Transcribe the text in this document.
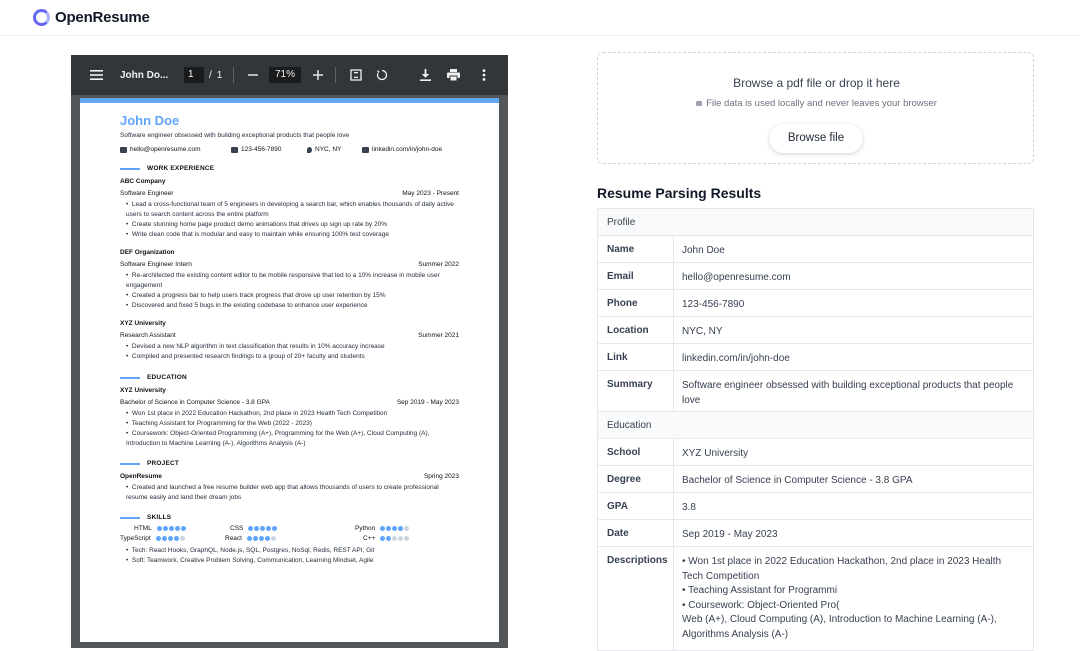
OpenResume
John Do...	1	/ 1	71%
John Doe
Software engineer obsessed with building exceptional products that people love
hello@openresume.com	123-456-7890	NYC, NY	linkedin.com/in/john-doe
WORK EXPERIENCE
ABC Company
Software Engineer	May 2023 - Present
•  Lead a cross-functional team of 5 engineers in developing a search bar, which enables thousands of daily active users to search content across the entire platform
•  Create stunning home page product demo animations that drives up sign up rate by 20%
•  Write clean code that is modular and easy to maintain while ensuring 100% test coverage
DEF Organization
Software Engineer Intern	Summer 2022
•  Re-architected the existing content editor to be mobile responsive that led to a 10% increase in mobile user engagement
•  Created a progress bar to help users track progress that drove up user retention by 15%
•  Discovered and fixed 5 bugs in the existing codebase to enhance user experience
XYZ University
Research Assistant	Summer 2021
•  Devised a new NLP algorithm in text classification that results in 10% accuracy increase
•  Compiled and presented research findings to a group of 20+ faculty and students
EDUCATION
XYZ University
Bachelor of Science in Computer Science - 3.8 GPA	Sep 2019 - May 2023
•  Won 1st place in 2022 Education Hackathon, 2nd place in 2023 Health Tech Competition
•  Teaching Assistant for Programming for the Web (2022 - 2023)
•  Coursework: Object-Oriented Programming (A+), Programming for the Web (A+), Cloud Computing (A), Introduction to Machine Learning (A-), Algorithms Analysis (A-)
PROJECT
OpenResume	Spring 2023
•  Created and launched a free resume builder web app that allows thousands of users to create professional resume easily and land their dream jobs
SKILLS
HTML	CSS	Python
TypeScript	React	C++
•  Tech: React Hooks, GraphQL, Node.js, SQL, Postgres, NoSql, Redis, REST API, Git
•  Soft: Teamwork, Creative Problem Solving, Communication, Learning Mindset, Agile
Browse a pdf file or drop it here
File data is used locally and never leaves your browser
Browse file
Resume Parsing Results
Profile
Name	John Doe
Email	hello@openresume.com
Phone	123-456-7890
Location	NYC, NY
Link	linkedin.com/in/john-doe
Summary	Software engineer obsessed with building exceptional products that people love
Education
School	XYZ University
Degree	Bachelor of Science in Computer Science - 3.8 GPA
GPA	3.8
Date	Sep 2019 - May 2023
Descriptions	• Won 1st place in 2022 Education Hackathon, 2nd place in 2023 Health
Tech Competition
• Teaching Assistant for Programmi
• Coursework: Object-Oriented Pro(
Web (A+), Cloud Computing (A), Introduction to Machine Learning (A-),
Algorithms Analysis (A-)
